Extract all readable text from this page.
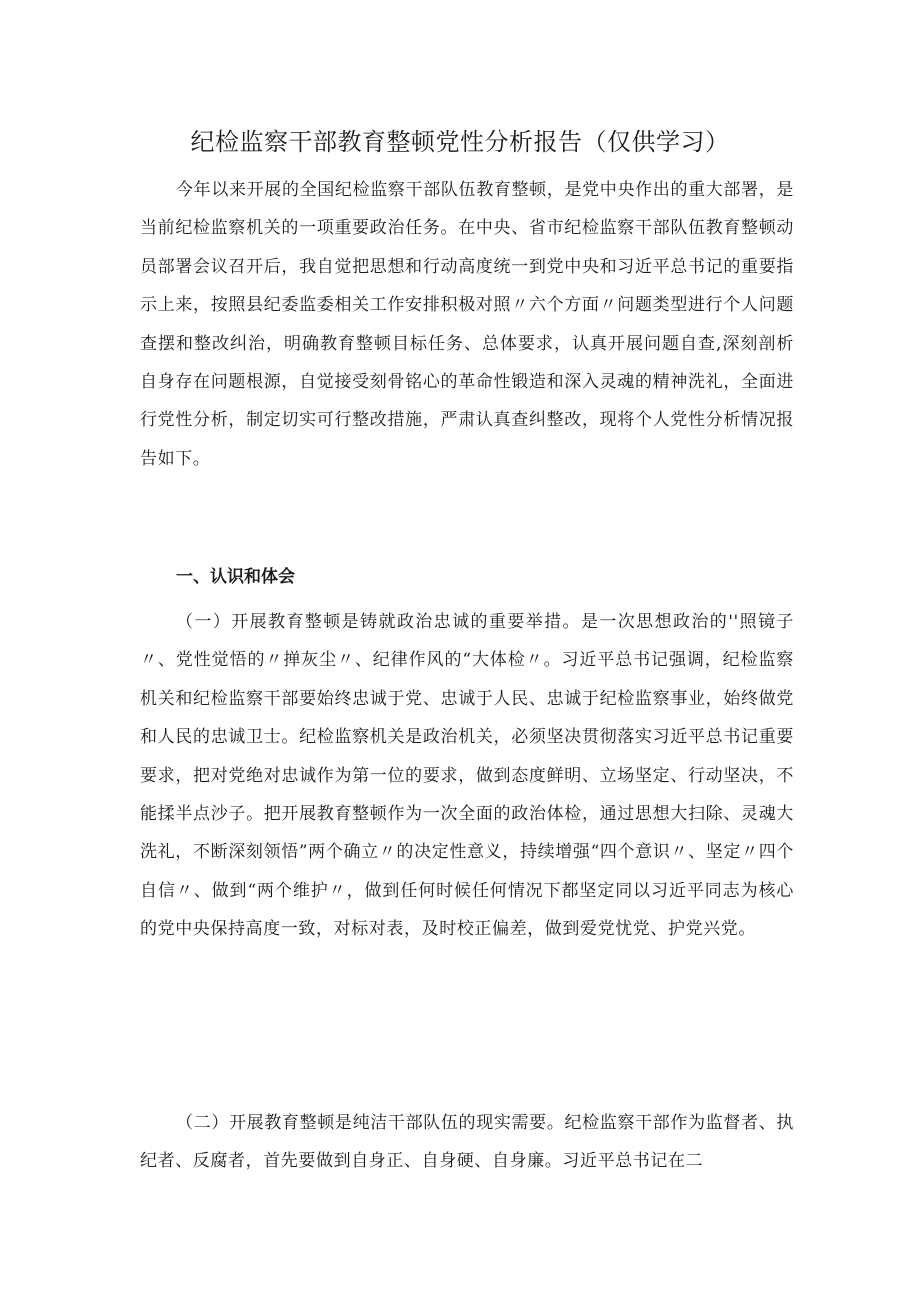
纪检监察干部教育整顿党性分析报告（仅供学习）

今年以来开展的全国纪检监察干部队伍教育整顿，是党中央作出的重大部署，是当前纪检监察机关的一项重要政治任务。在中央、省市纪检监察干部队伍教育整顿动员部署会议召开后，我自觉把思想和行动高度统一到党中央和习近平总书记的重要指示上来，按照县纪委监委相关工作安排积极对照〃六个方面〃问题类型进行个人问题查摆和整改纠治，明确教育整顿目标任务、总体要求，认真开展问题自查,深刻剖析自身存在问题根源，自觉接受刻骨铭心的革命性锻造和深入灵魂的精神洗礼，全面进行党性分析，制定切实可行整改措施，严肃认真查纠整改，现将个人党性分析情况报告如下。

一、认识和体会

（一）开展教育整顿是铸就政治忠诚的重要举措。是一次思想政治的''照镜子〃、党性觉悟的〃掸灰尘〃、纪律作风的“大体检〃。习近平总书记强调，纪检监察机关和纪检监察干部要始终忠诚于党、忠诚于人民、忠诚于纪检监察事业，始终做党和人民的忠诚卫士。纪检监察机关是政治机关，必须坚决贯彻落实习近平总书记重要要求，把对党绝对忠诚作为第一位的要求，做到态度鲜明、立场坚定、行动坚决，不能揉半点沙子。把开展教育整顿作为一次全面的政治体检，通过思想大扫除、灵魂大洗礼，不断深刻领悟”两个确立〃的决定性意义，持续增强“四个意识〃、坚定〃四个自信〃、做到“两个维护〃，做到任何时候任何情况下都坚定同以习近平同志为核心的党中央保持高度一致，对标对表，及时校正偏差，做到爱党忧党、护党兴党。

（二）开展教育整顿是纯洁干部队伍的现实需要。纪检监察干部作为监督者、执纪者、反腐者，首先要做到自身正、自身硬、自身廉。习近平总书记在二
